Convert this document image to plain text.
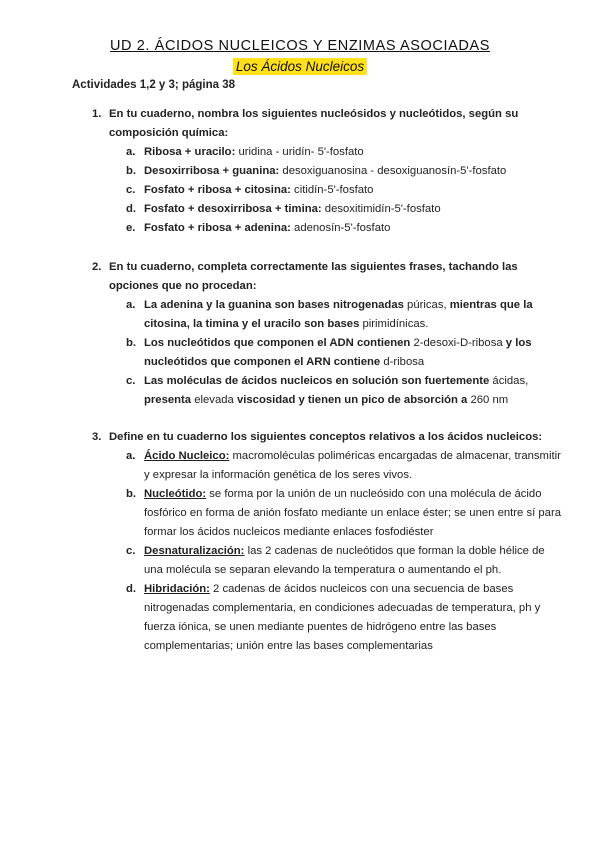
UD 2. ÁCIDOS NUCLEICOS Y ENZIMAS ASOCIADAS
Los Ácidos Nucleicos
Actividades 1,2 y 3; página 38
1. En tu cuaderno, nombra los siguientes nucleósidos y nucleótidos, según su composición química:
a. Ribosa + uracilo: uridina - uridín- 5'-fosfato
b. Desoxirribosa + guanina: desoxiguanosina - desoxiguanosín-5'-fosfato
c. Fosfato + ribosa + citosina: citidín-5'-fosfato
d. Fosfato + desoxirribosa + timina: desoxitimidín-5'-fosfato
e. Fosfato + ribosa + adenina: adenosín-5'-fosfato
2. En tu cuaderno, completa correctamente las siguientes frases, tachando las opciones que no procedan:
a. La adenina y la guanina son bases nitrogenadas púricas, mientras que la citosina, la timina y el uracilo son bases pirimidínicas.
b. Los nucleótidos que componen el ADN contienen 2-desoxi-D-ribosa y los nucleótidos que componen el ARN contiene d-ribosa
c. Las moléculas de ácidos nucleicos en solución son fuertemente ácidas, presenta elevada viscosidad y tienen un pico de absorción a 260 nm
3. Define en tu cuaderno los siguientes conceptos relativos a los ácidos nucleicos:
a. Ácido Nucleico: macromoléculas poliméricas encargadas de almacenar, transmitir y expresar la información genética de los seres vivos.
b. Nucleótido: se forma por la unión de un nucleósido con una molécula de ácido fosfórico en forma de anión fosfato mediante un enlace éster; se unen entre sí para formar los ácidos nucleicos mediante enlaces fosfodiéster
c. Desnaturalización: las 2 cadenas de nucleótidos que forman la doble hélice de una molécula se separan elevando la temperatura o aumentando el ph.
d. Hibridación: 2 cadenas de ácidos nucleicos con una secuencia de bases nitrogenadas complementaria, en condiciones adecuadas de temperatura, ph y fuerza iónica, se unen mediante puentes de hidrógeno entre las bases complementarias; unión entre las bases complementarias
